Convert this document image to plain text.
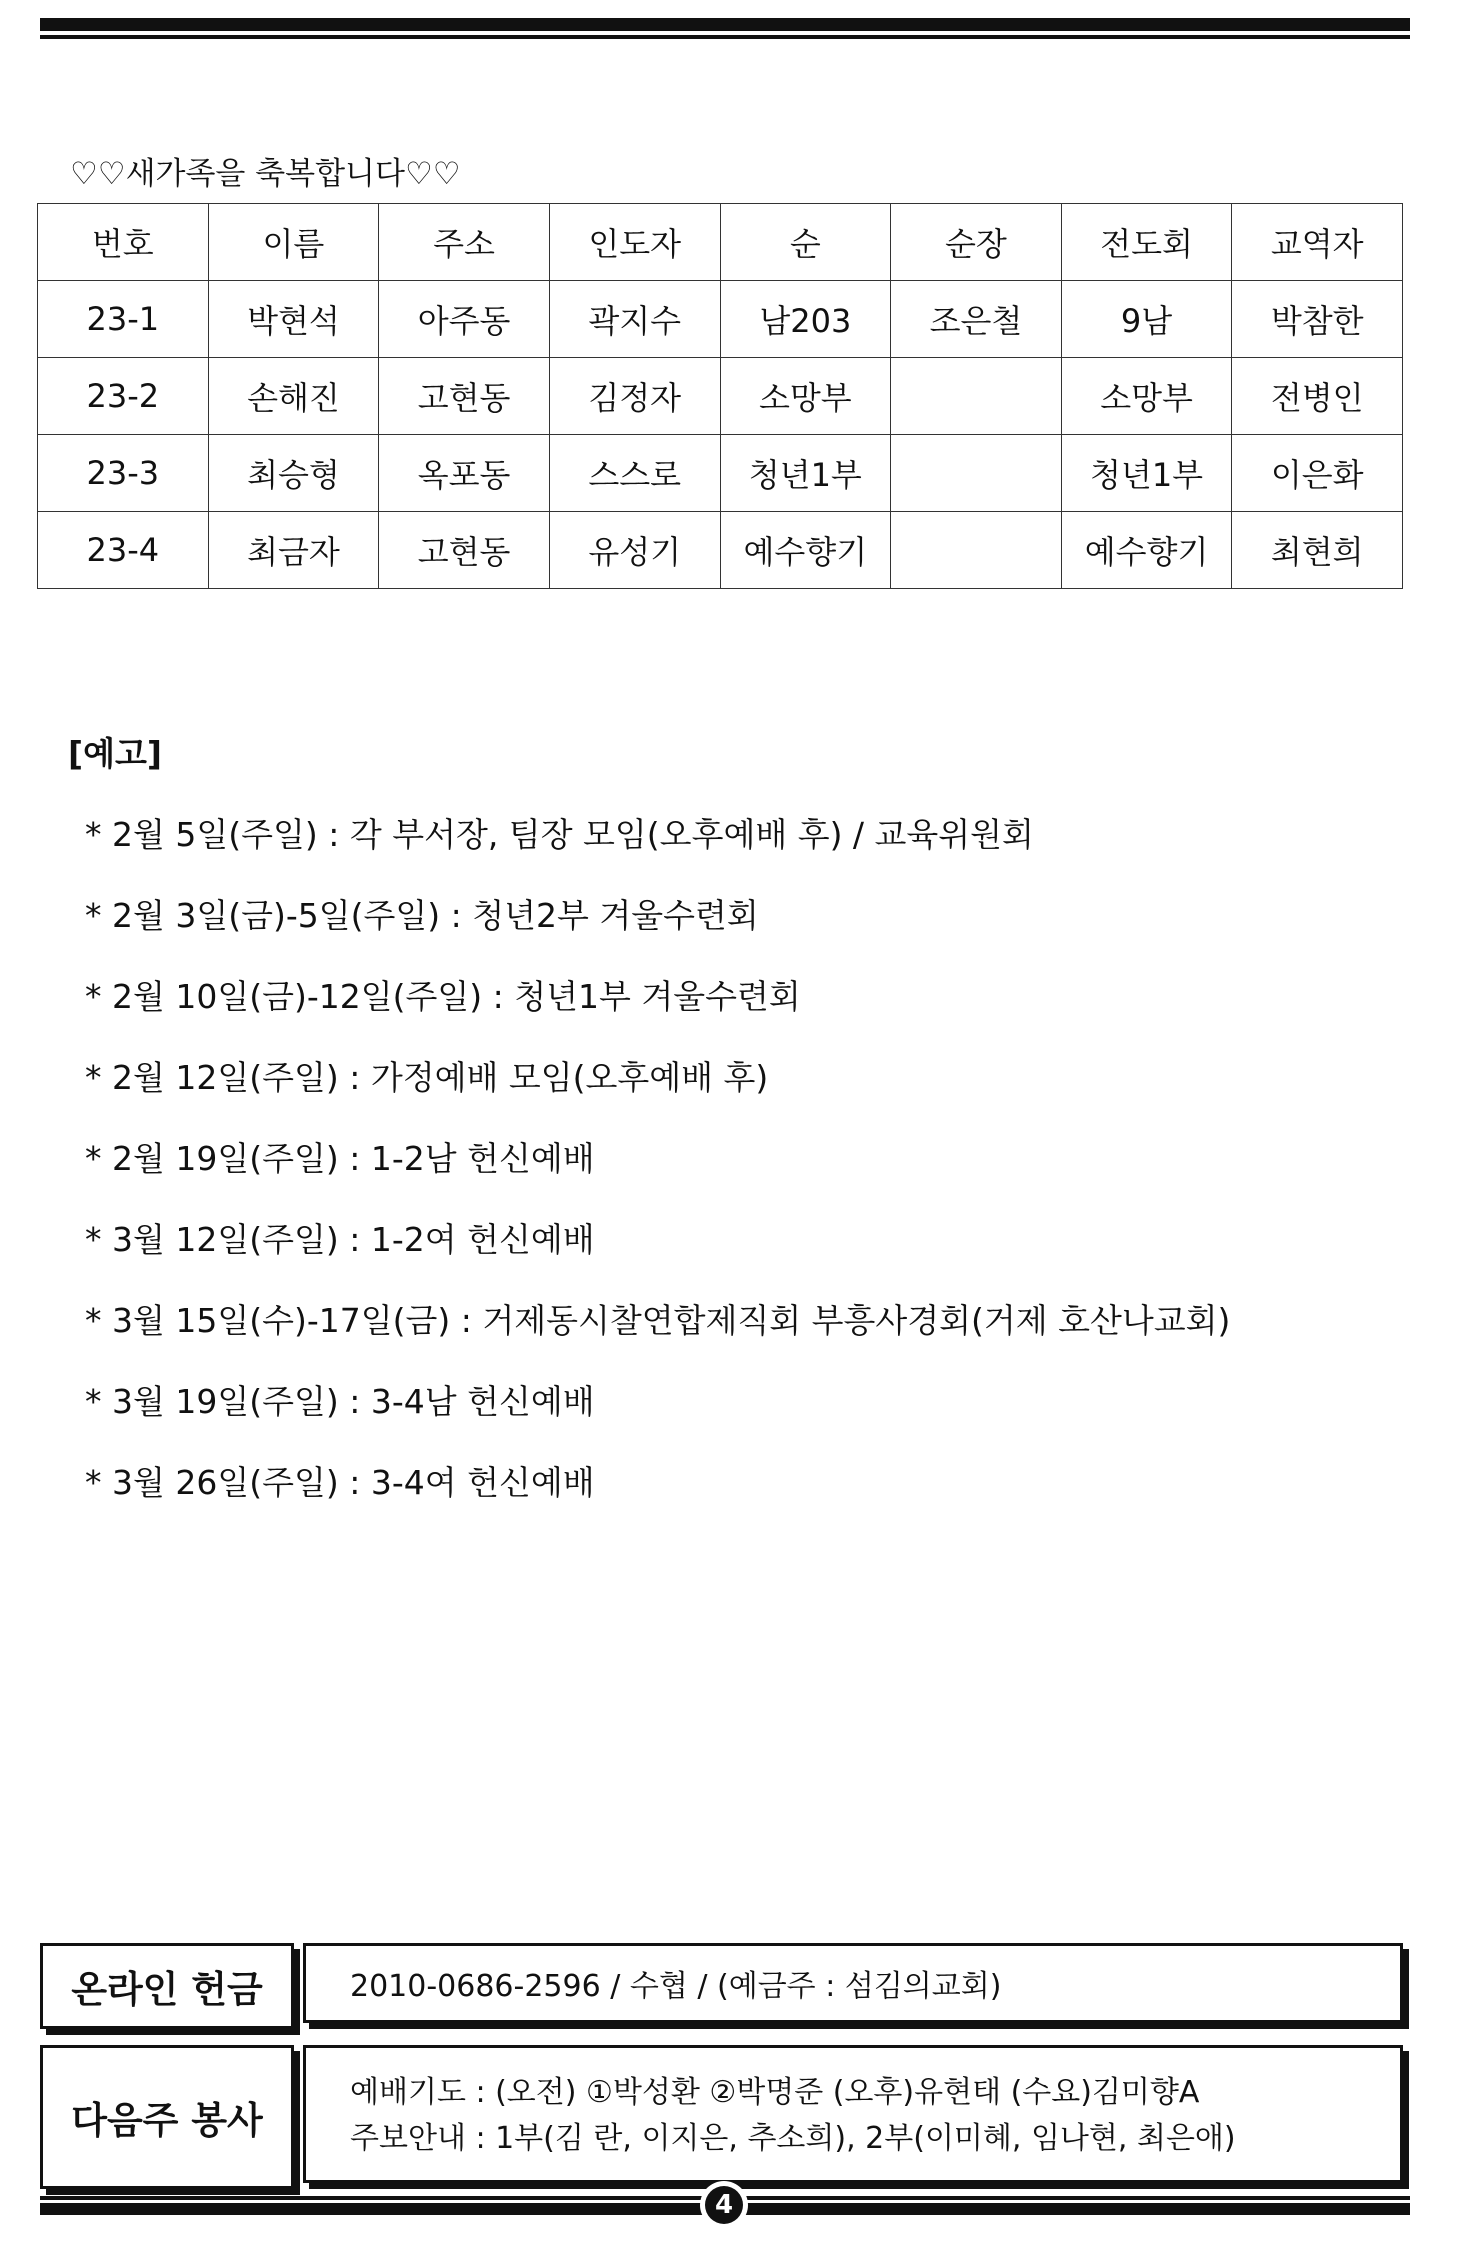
♡♡새가족을 축복합니다♡♡
번호	이름	주소	인도자	순	순장	전도회	교역자
23-1	박현석	아주동	곽지수	남203	조은철	9남	박참한
23-2	손해진	고현동	김정자	소망부		소망부	전병인
23-3	최승형	옥포동	스스로	청년1부		청년1부	이은화
23-4	최금자	고현동	유성기	예수향기		예수향기	최현희
[예고]
* 2월 5일(주일) : 각 부서장, 팀장 모임(오후예배 후) / 교육위원회
* 2월 3일(금)-5일(주일) : 청년2부 겨울수련회
* 2월 10일(금)-12일(주일) : 청년1부 겨울수련회
* 2월 12일(주일) : 가정예배 모임(오후예배 후)
* 2월 19일(주일) : 1-2남 헌신예배
* 3월 12일(주일) : 1-2여 헌신예배
* 3월 15일(수)-17일(금) : 거제동시찰연합제직회 부흥사경회(거제 호산나교회)
* 3월 19일(주일) : 3-4남 헌신예배
* 3월 26일(주일) : 3-4여 헌신예배
온라인 헌금	2010-0686-2596 / 수협 / (예금주 : 섬김의교회)
다음주 봉사
예배기도 : (오전) ①박성환 ②박명준 (오후)유현태 (수요)김미향A
주보안내 : 1부(김 란, 이지은, 추소희), 2부(이미혜, 임나현, 최은애)
4
